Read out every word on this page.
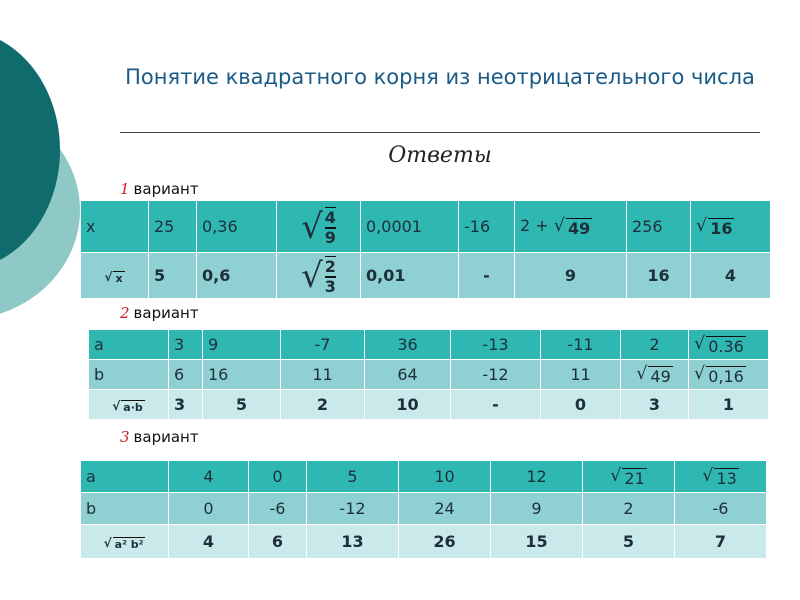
Понятие квадратного корня из неотрицательного числа
Ответы
1 вариант
x	25	0,36	√ $\frac{4}{9}$	0,0001	-16	2 + √ 49	256	√ 16

√ x	5	0,6	√ $\frac{2}{3}$	0,01	-	9	16	4
2 вариант
a	3	9	-7	36	-13	-11	2	√ 0.36

b	6	16	11	64	-12	11	√ 49	√ 0,16

√ a·b	3	5	2	10	-	0	3	1
3 вариант
a	4	0	5	10	12	√ 21	√ 13

b	0	-6	-12	24	9	2	-6

√ a² b²	4	6	13	26	15	5	7
